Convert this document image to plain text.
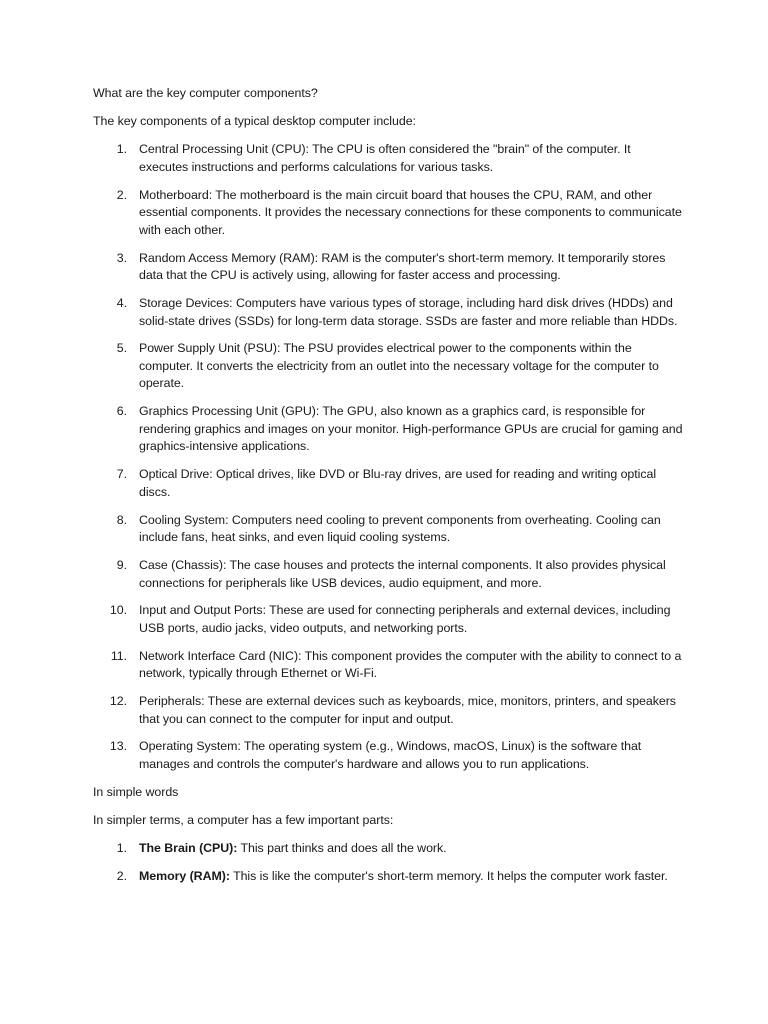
What are the key computer components?

The key components of a typical desktop computer include:

1. Central Processing Unit (CPU): The CPU is often considered the "brain" of the computer. It executes instructions and performs calculations for various tasks.
2. Motherboard: The motherboard is the main circuit board that houses the CPU, RAM, and other essential components. It provides the necessary connections for these components to communicate with each other.
3. Random Access Memory (RAM): RAM is the computer's short-term memory. It temporarily stores data that the CPU is actively using, allowing for faster access and processing.
4. Storage Devices: Computers have various types of storage, including hard disk drives (HDDs) and solid-state drives (SSDs) for long-term data storage. SSDs are faster and more reliable than HDDs.
5. Power Supply Unit (PSU): The PSU provides electrical power to the components within the computer. It converts the electricity from an outlet into the necessary voltage for the computer to operate.
6. Graphics Processing Unit (GPU): The GPU, also known as a graphics card, is responsible for rendering graphics and images on your monitor. High-performance GPUs are crucial for gaming and graphics-intensive applications.
7. Optical Drive: Optical drives, like DVD or Blu-ray drives, are used for reading and writing optical discs.
8. Cooling System: Computers need cooling to prevent components from overheating. Cooling can include fans, heat sinks, and even liquid cooling systems.
9. Case (Chassis): The case houses and protects the internal components. It also provides physical connections for peripherals like USB devices, audio equipment, and more.
10. Input and Output Ports: These are used for connecting peripherals and external devices, including USB ports, audio jacks, video outputs, and networking ports.
11. Network Interface Card (NIC): This component provides the computer with the ability to connect to a network, typically through Ethernet or Wi-Fi.
12. Peripherals: These are external devices such as keyboards, mice, monitors, printers, and speakers that you can connect to the computer for input and output.
13. Operating System: The operating system (e.g., Windows, macOS, Linux) is the software that manages and controls the computer's hardware and allows you to run applications.

In simple words

In simpler terms, a computer has a few important parts:

1. The Brain (CPU): This part thinks and does all the work.
2. Memory (RAM): This is like the computer's short-term memory. It helps the computer work faster.
